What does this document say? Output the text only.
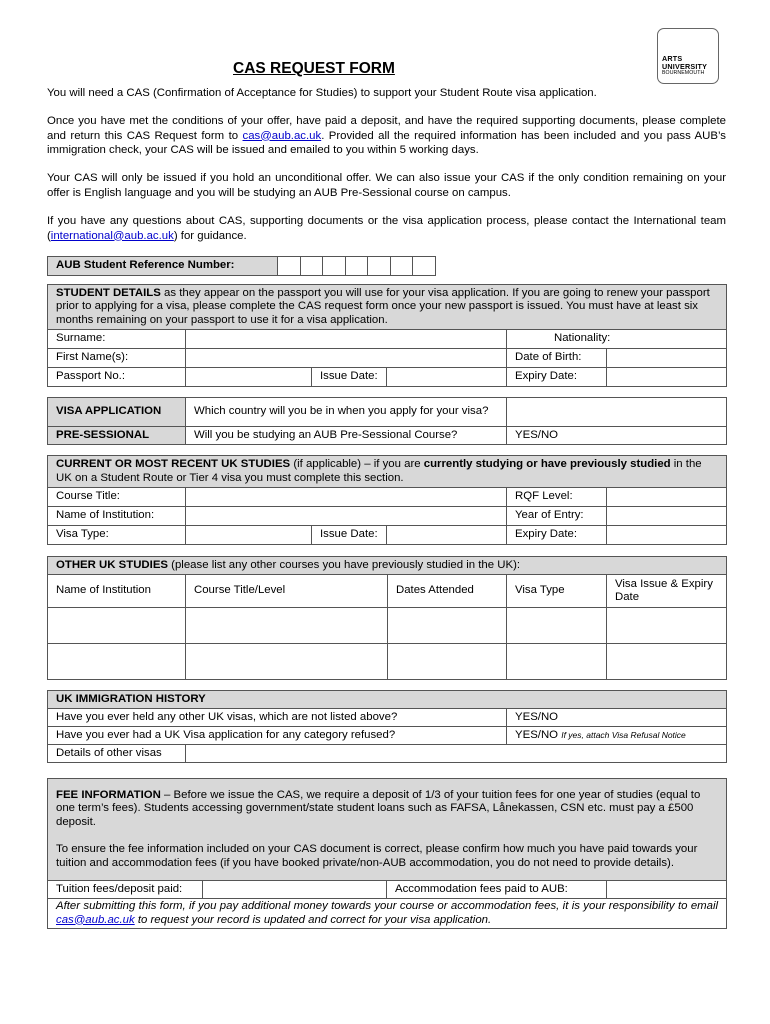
ARTS
UNIVERSITY
BOURNEMOUTH
CAS REQUEST FORM

You will need a CAS (Confirmation of Acceptance for Studies) to support your Student Route visa application.

Once you have met the conditions of your offer, have paid a deposit, and have the required supporting documents, please complete and return this CAS Request form to cas@aub.ac.uk. Provided all the required information has been included and you pass AUB’s immigration check, your CAS will be issued and emailed to you within 5 working days.

Your CAS will only be issued if you hold an unconditional offer. We can also issue your CAS if the only condition remaining on your offer is English language and you will be studying an AUB Pre-Sessional course on campus.

If you have any questions about CAS, supporting documents or the visa application process, please contact the International team (international@aub.ac.uk) for guidance.

AUB Student Reference Number:							
STUDENT DETAILS as they appear on the passport you will use for your visa application. If you are going to renew your passport prior to applying for a visa, please complete the CAS request form once your new passport is issued. You must have at least six months remaining on your passport to use it for a visa application.					
Surname:				Nationality:	
First Name(s):				Date of Birth:	
Passport No.:		Issue Date:		Expiry Date:	
VISA APPLICATION	Which country will you be in when you apply for your visa?	
PRE-SESSIONAL	Will you be studying an AUB Pre-Sessional Course?	YES/NO
CURRENT OR MOST RECENT UK STUDIES (if applicable) – if you are currently studying or have previously studied in the UK on a Student Route or Tier 4 visa you must complete this section.					
Course Title:				RQF Level:	
Name of Institution:				Year of Entry:	
Visa Type:		Issue Date:		Expiry Date:	
OTHER UK STUDIES (please list any other courses you have previously studied in the UK):				
Name of Institution	Course Title/Level	Dates Attended	Visa Type	Visa Issue & Expiry Date

UK IMMIGRATION HISTORY		
Have you ever held any other UK visas, which are not listed above?		YES/NO
Have you ever had a UK Visa application for any category refused?		YES/NO If yes, attach Visa Refusal Notice
Details of other visas		
FEE INFORMATION – Before we issue the CAS, we require a deposit of 1/3 of your tuition fees for one year of studies (equal to one term’s fees). Students accessing government/state student loans such as FAFSA, Lånekassen, CSN etc. must pay a £500 deposit.
To ensure the fee information included on your CAS document is correct, please confirm how much you have paid towards your tuition and accommodation fees (if you have booked private/non-AUB accommodation, you do not need to provide details).

Tuition fees/deposit paid:		Accommodation fees paid to AUB:	
After submitting this form, if you pay additional money towards your course or accommodation fees, it is your responsibility to email cas@aub.ac.uk to request your record is updated and correct for your visa application.
